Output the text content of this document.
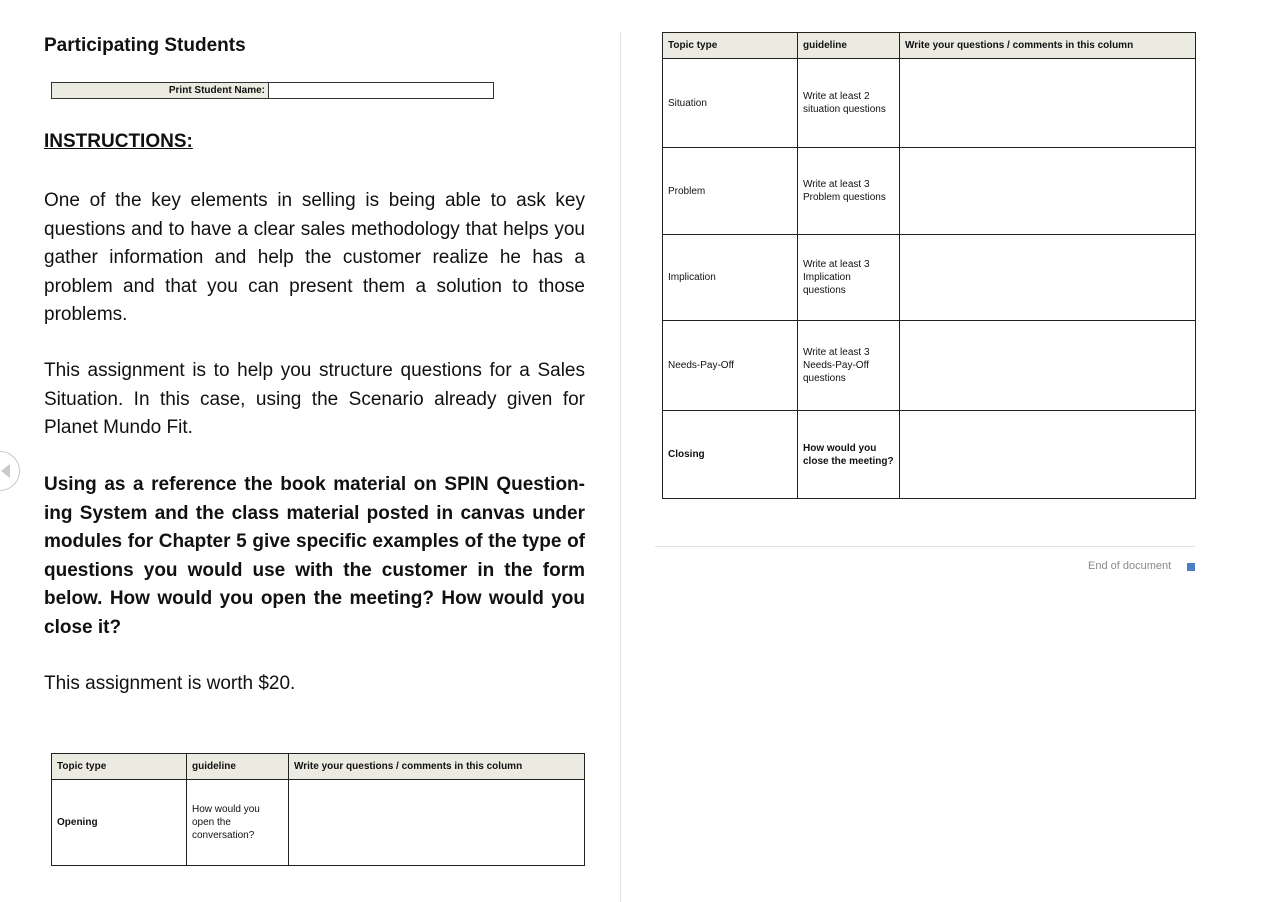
Participating Students
Print Student Name:
INSTRUCTIONS:
One of the key elements in selling is being able to ask key questions and to have a clear sales methodology that helps you gather information and help the customer realize he has a problem and that you can present them a solution to those problems.
This assignment is to help you structure questions for a Sales Situation. In this case, using the Scenario already given for Planet Mundo Fit.
Using as a reference the book material on SPIN Question-ing System and the class material posted in canvas under modules for Chapter 5 give specific examples of the type of questions you would use with the customer in the form below. How would you open the meeting? How would you close it?
This assignment is worth $20.
Topic type	guideline	Write your questions / comments in this column
Opening	How would you open the conversation?	
Topic type	guideline	Write your questions / comments in this column
Situation	Write at least 2 situation questions	
Problem	Write at least 3 Problem questions	
Implication	Write at least 3 Implication questions	
Needs-Pay-Off	Write at least 3 Needs-Pay-Off questions	
Closing	How would you close the meeting?	
End of document
